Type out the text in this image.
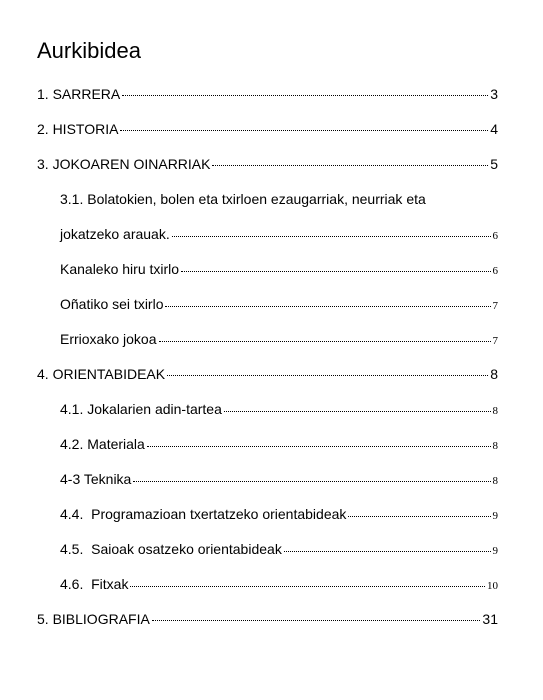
Aurkibidea
1. SARRERA	3
2. HISTORIA	4
3. JOKOAREN OINARRIAK	5
3.1. Bolatokien, bolen eta txirloen ezaugarriak, neurriak eta
jokatzeko arauak.	6
Kanaleko hiru txirlo	6
Oñatiko sei txirlo	7
Errioxako jokoa	7
4. ORIENTABIDEAK	8
4.1. Jokalarien adin-tartea	8
4.2. Materiala	8
4-3 Teknika	8
4.4.  Programazioan txertatzeko orientabideak	9
4.5.  Saioak osatzeko orientabideak	9
4.6.  Fitxak	10
5. BIBLIOGRAFIA	31
